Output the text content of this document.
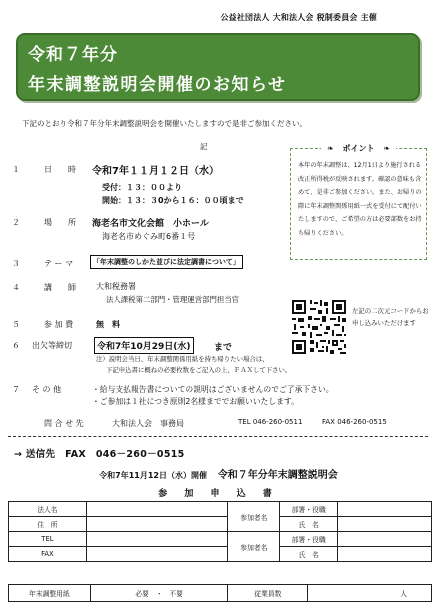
公益社団法人 大和法人会 税制委員会 主催
令和７年分
年末調整説明会開催のお知らせ
下記のとおり令和７年分年末調整説明会を開催いたしますので是非ご参加ください。
記	❧ ポイント ❧
本年の年末調整は、12月1日より施行される改正所得税が反映されます。確認の意味も含めて、是非ご参加ください。また、お帰りの際に年末調整関係用紙一式を受付にて配付いたしますので、ご希望の方は必要部数をお持ち帰りください。
１	日　　時 令和7年１１月１２日（水）
受付：１３：００より
開始：１３：３0から１６：００頃まで
２	場　　所 海老名市文化会館　小ホール
海老名市めぐみ町6番１号
３	テ ー マ	「年末調整のしかた並びに法定調書について」
４	講　　師	大和税務署
法人課税第二部門・管理運営部門担当官
５	参 加 費	無　料
６ 出欠等締切	令和7年10月29日(水)	まで
注）説明会当日、年末調整関係用紙を持ち帰りたい場合は、
下記申込書に概ねの必要枚数をご記入の上、ＦＡＸして下さい。
左記の二次元コードからお申し込みいただけます
７ そ の 他	・給与支払報告書についての説明はございませんのでご了承下さい。
・ご参加は１社につき原則2名様まででお願いいたします。
問 合 せ 先	大和法人会　事務局	TEL 046-260-0511	FAX 046-260-0515
→ 送信先　FAX　046－260－0515
令和7年11月12日（水）開催　 令和７年分年末調整説明会
参 加 申 込 書
法人名		参加者名	部署・役職	
住　所			氏　名	
TEL		参加者名	部署・役職	
FAX			氏　名	
年末調整用紙	必要　・　不要	従業員数	人
